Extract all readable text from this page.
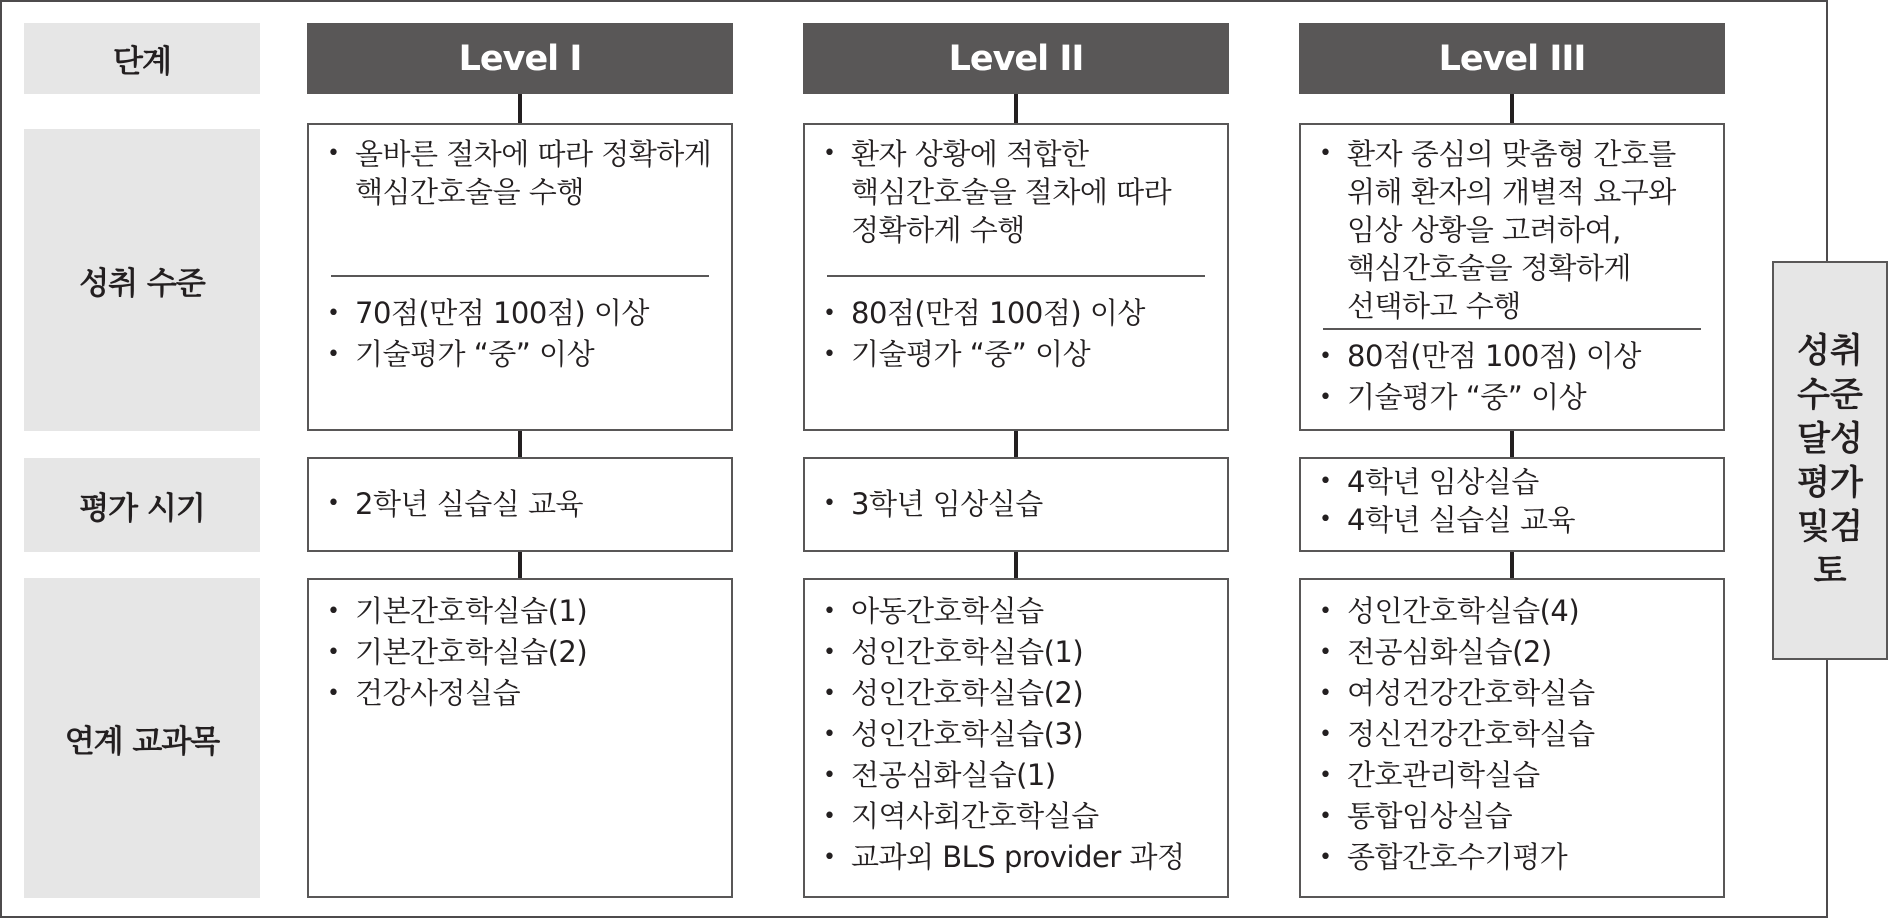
단계
성취 수준
평가 시기
연계 교과목
Level I	Level II	Level III
• 올바른 절차에 따라 정확하게
핵심간호술을 수행
• 70점(만점 100점) 이상
• 기술평가 “중” 이상
• 환자 상황에 적합한
핵심간호술을 절차에 따라
정확하게 수행
• 80점(만점 100점) 이상
• 기술평가 “중” 이상
• 환자 중심의 맞춤형 간호를
위해 환자의 개별적 요구와
임상 상황을 고려하여,
핵심간호술을 정확하게
선택하고 수행
• 80점(만점 100점) 이상
• 기술평가 “중” 이상
• 2학년 실습실 교육
•	3학년 임상실습
• 4학년 임상실습
• 4학년 실습실 교육
• 기본간호학실습(1)
• 기본간호학실습(2)
• 건강사정실습
• 아동간호학실습
• 성인간호학실습(1)
• 성인간호학실습(2)
• 성인간호학실습(3)
• 전공심화실습(1)
• 지역사회간호학실습
• 교과외 BLS provider 과정
• 성인간호학실습(4)
• 전공심화실습(2)
• 여성건강간호학실습
• 정신건강간호학실습
• 간호관리학실습
• 통합임상실습
• 종합간호수기평가
성취수준달성평가및검토
